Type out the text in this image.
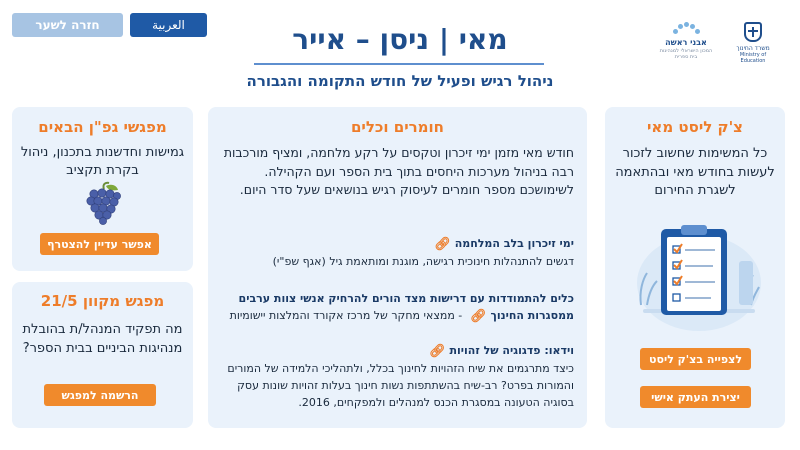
חזרה לשער	العربية	מאי | ניסן – אייר
ניהול רגיש ופעיל של חודש התקומה והגבורה
אבני ראשה
המכון הישראלי למנהיגות בית ספרית
משרד החינוך
Ministry of Education
מפגשי גפ"ן הבאים
גמישות וחדשנות בתכנון, ניהול בקרת תקציב
אפשר עדיין להצטרף
מפגש מקוון 21/5
מה תפקיד המנהל/ת בהובלת מנהיגות הביניים בבית הספר?
הרשמה למפגש
חומרים וכלים
חודש מאי מזמן ימי זיכרון וטקסים על רקע מלחמה, ומציף מורכבות רבה בניהול מערכות היחסים בתוך בית הספר ועם הקהילה. לשימושכם מספר חומרים לעיסוק רגיש בנושאים שעל סדר היום.
ימי זיכרון בלב המלחמה 🔗︎
דגשים להתנהלות חינוכית רגישה, מוגנת ומותאמת גיל (אגף שפ"י)
כלים להתמודדות עם דרישות מצד הורים להרחיק אנשי צוות ערבים ממסגרות החינוך 🔗︎ - ממצאי מחקר של מרכז אקורד והמלצות יישומיות
וידאו: פדגוגיה של זהויות 🔗︎
כיצד מתרגמים את שיח הזהויות לחינוך בכלל, ולתהליכי הלמידה של המורים והמורות בפרט? רב-שיח בהשתתפות נשות חינוך בעלות זהויות שונות עסק בסוגיה הטעונה במסגרת הכנס למנהלים ולמפקחים, 2016.
צ'ק ליסט מאי
כל המשימות שחשוב לזכור לעשות בחודש מאי ובהתאמה לשגרת החירום
לצפייה בצ'ק ליסט
יצירת העתק אישי
